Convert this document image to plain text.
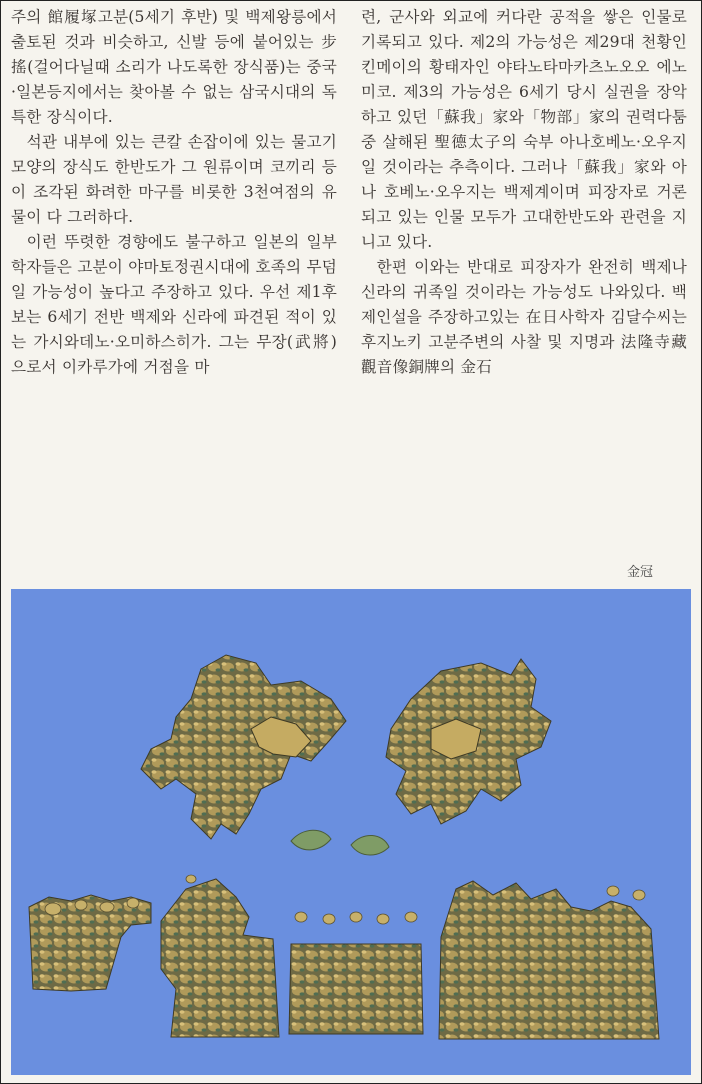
주의 館履塚고분(5세기 후반) 및 백제왕릉에서 출토된 것과 비슷하고, 신발 등에 붙어있는 步搖(걸어다닐때 소리가 나도록한 장식품)는 중국·일본등지에서는 찾아볼 수 없는 삼국시대의 독특한 장식이다.

석관 내부에 있는 큰칼 손잡이에 있는 물고기 모양의 장식도 한반도가 그 원류이며 코끼리 등이 조각된 화려한 마구를 비롯한 3천여점의 유물이 다 그러하다.

이런 뚜렷한 경향에도 불구하고 일본의 일부학자들은 고분이 야마토정권시대에 호족의 무덤일 가능성이 높다고 주장하고 있다. 우선 제1후보는 6세기 전반 백제와 신라에 파견된 적이 있는 가시와데노·오미하스히가. 그는 무장(武將)으로서 이카루가에 거점을 마

련, 군사와 외교에 커다란 공적을 쌓은 인물로 기록되고 있다. 제2의 가능성은 제29대 천황인 킨메이의 황태자인 야타노타마카츠노오오 에노미코. 제3의 가능성은 6세기 당시 실권을 장악하고 있던「蘇我」家와「物部」家의 권력다툼중 살해된 聖德太子의 숙부 아나호베노·오우지일 것이라는 추측이다. 그러나「蘇我」家와 아나 호베노·오우지는 백제계이며 피장자로 거론되고 있는 인물 모두가 고대한반도와 관련을 지니고 있다.

한편 이와는 반대로 피장자가 완전히 백제나 신라의 귀족일 것이라는 가능성도 나와있다. 백제인설을 주장하고있는 在日사학자 김달수씨는 후지노키 고분주변의 사찰 및 지명과 法隆寺藏觀音像銅牌의 金石

金冠
